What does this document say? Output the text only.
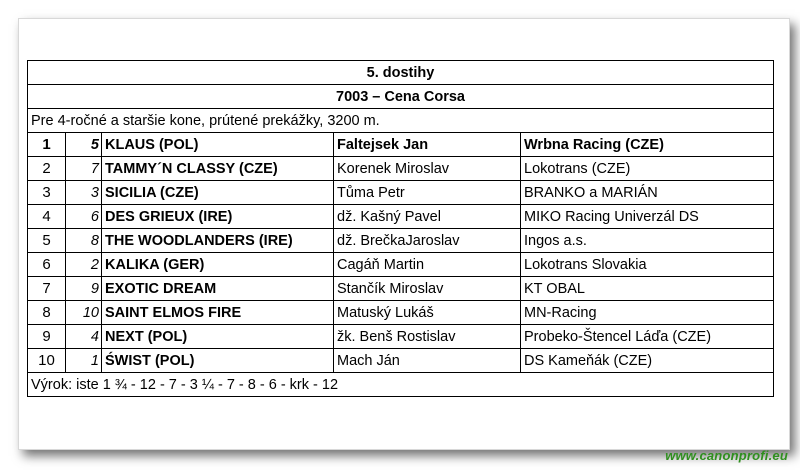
5. dostihy				
7003 – Cena Corsa				
Pre 4-ročné a staršie kone, prútené prekážky, 3200 m.				
1	5	KLAUS (POL)	Faltejsek Jan	Wrbna Racing (CZE)
2	7	TAMMY´N CLASSY (CZE)	Korenek Miroslav	Lokotrans (CZE)
3	3	SICILIA (CZE)	Tůma Petr	BRANKO a MARIÁN
4	6	DES GRIEUX (IRE)	dž. Kašný Pavel	MIKO Racing Univerzál DS
5	8	THE WOODLANDERS (IRE)	dž. BrečkaJaroslav	Ingos a.s.
6	2	KALIKA (GER)	Cagáň Martin	Lokotrans Slovakia
7	9	EXOTIC DREAM	Stančík Miroslav	KT OBAL
8	10	SAINT ELMOS FIRE	Matuský Lukáš	MN-Racing
9	4	NEXT (POL)	žk. Benš Rostislav	Probeko-Štencel Láďa (CZE)
10	1	ŚWIST (POL)	Mach Ján	DS Kameňák (CZE)
Výrok: iste 1 ¾ - 12 - 7 - 3 ¼ - 7 - 8 - 6 - krk - 12				
www.canonprofi.eu
